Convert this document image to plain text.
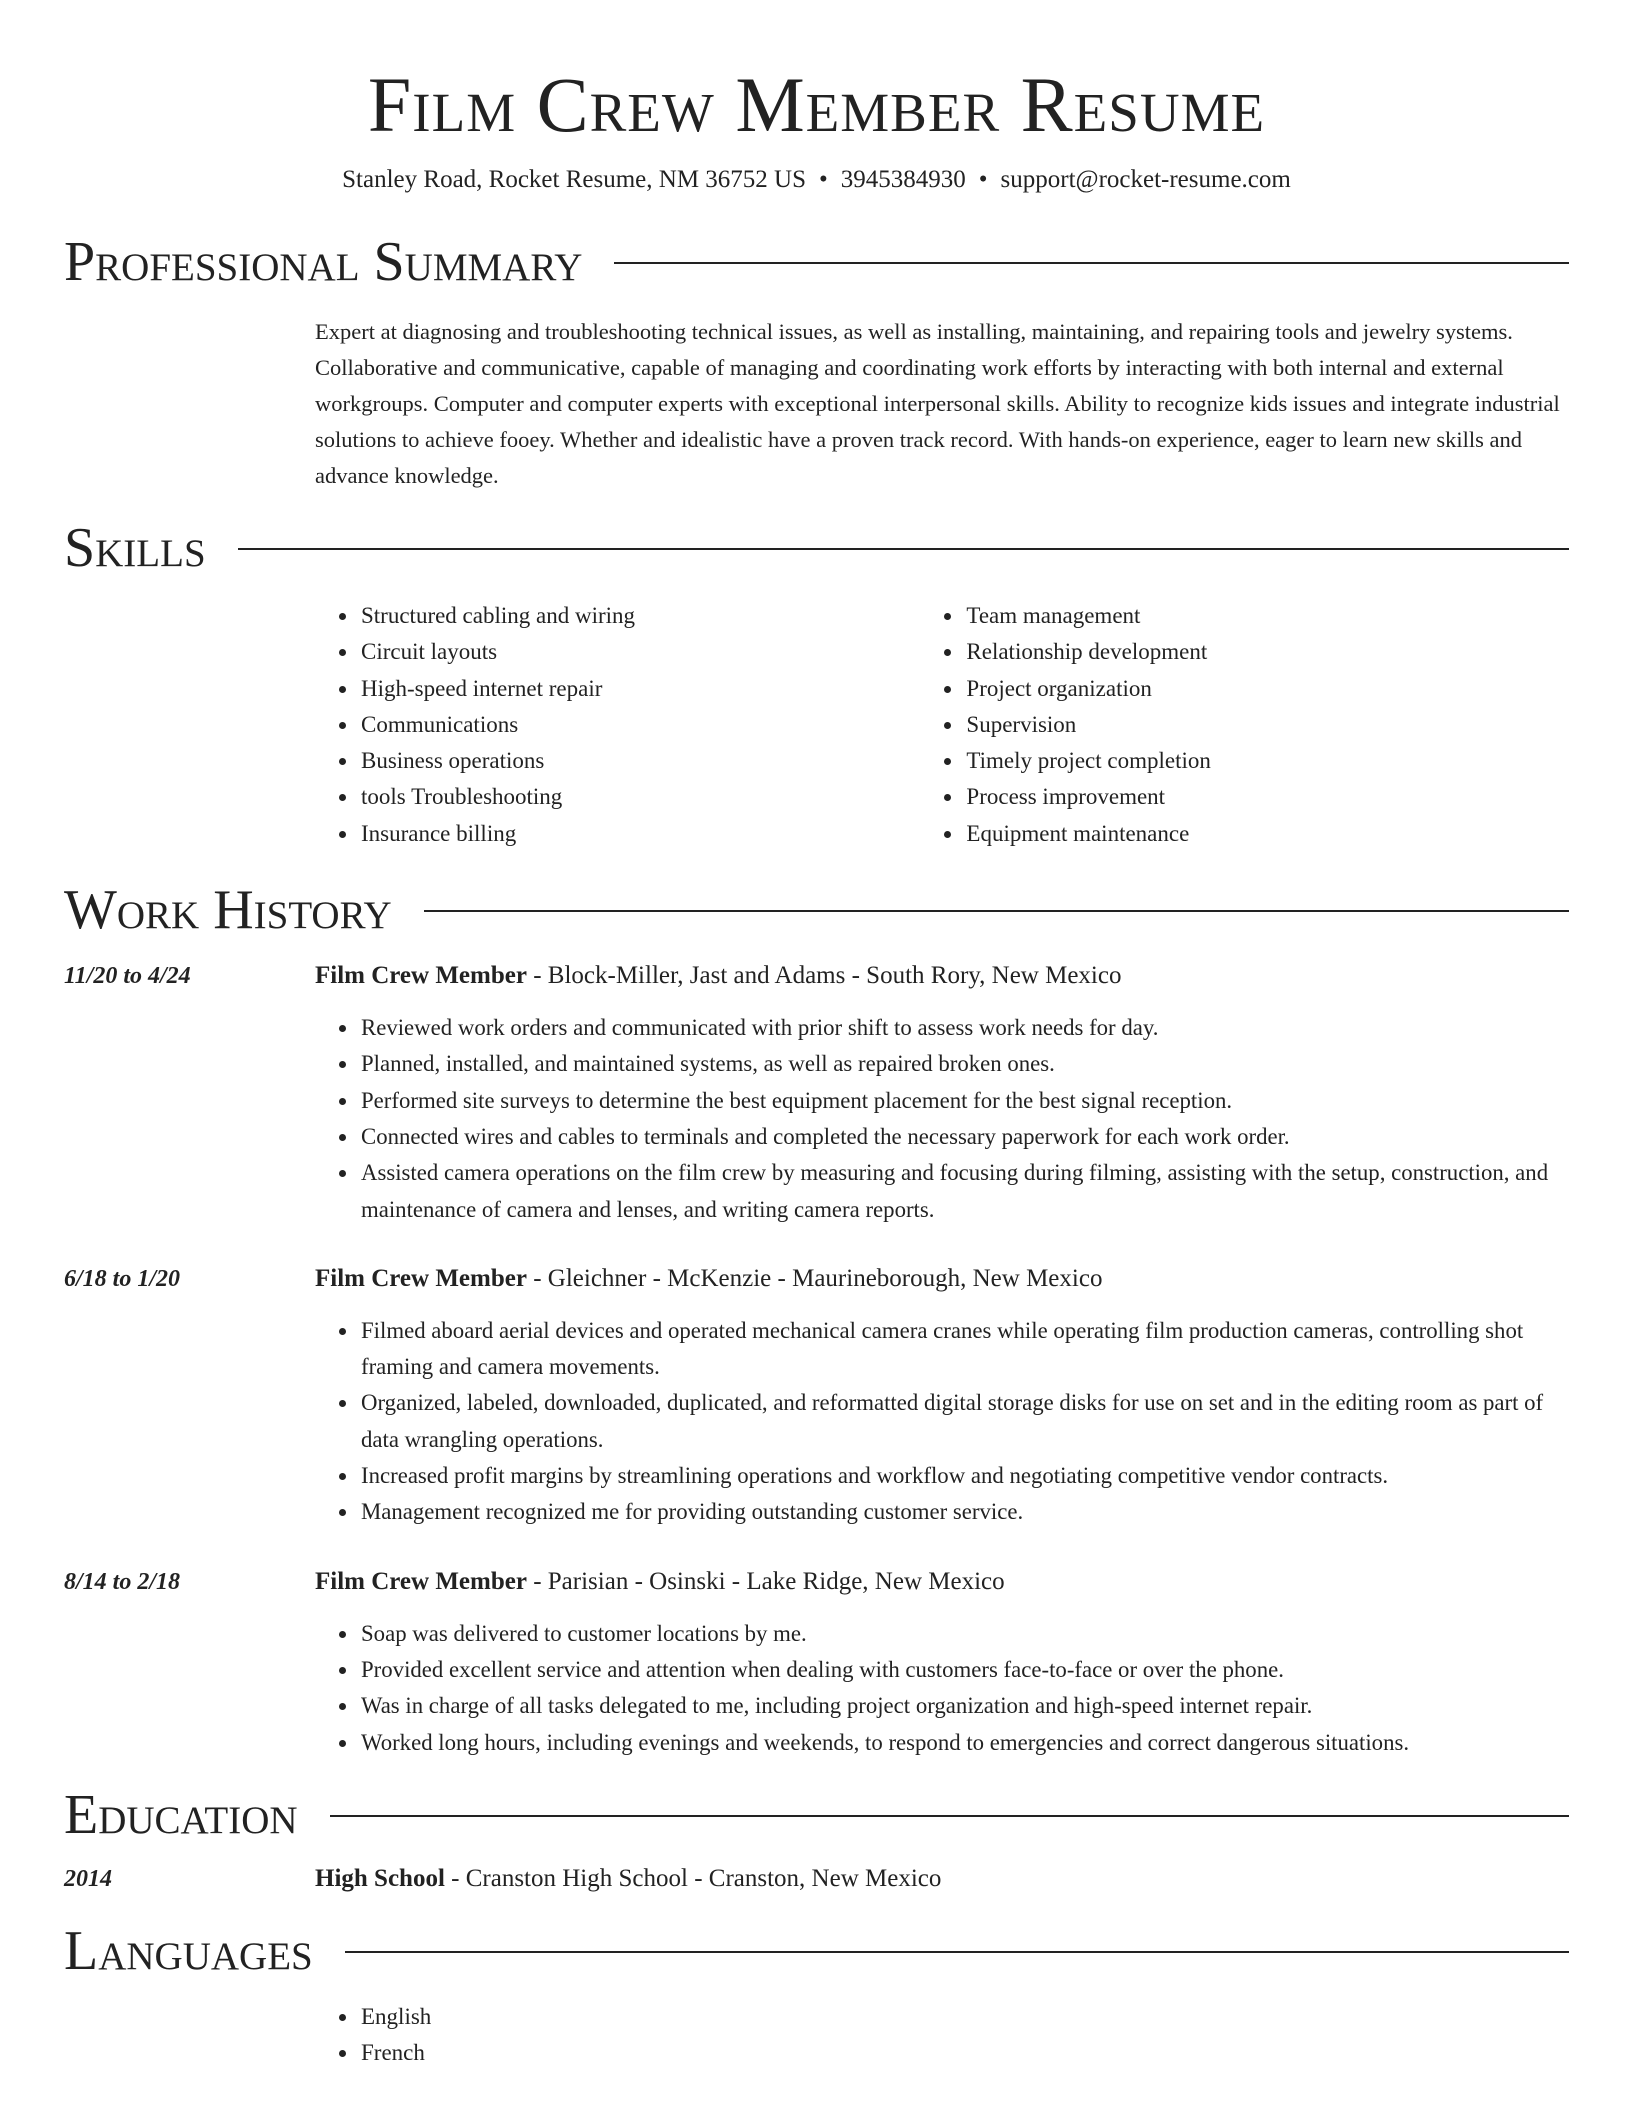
Film Crew Member Resume
Stanley Road, Rocket Resume, NM 36752 US • 3945384930 • support@rocket-resume.com
Professional Summary
Expert at diagnosing and troubleshooting technical issues, as well as installing, maintaining, and repairing tools and jewelry systems. Collaborative and communicative, capable of managing and coordinating work efforts by interacting with both internal and external workgroups. Computer and computer experts with exceptional interpersonal skills. Ability to recognize kids issues and integrate industrial solutions to achieve fooey. Whether and idealistic have a proven track record. With hands-on experience, eager to learn new skills and advance knowledge.
Skills
• Structured cabling and wiring
• Circuit layouts
• High-speed internet repair
• Communications
• Business operations
• tools Troubleshooting
• Insurance billing
• Team management
• Relationship development
• Project organization
• Supervision
• Timely project completion
• Process improvement
• Equipment maintenance
Work History
11/20 to 4/24	Film Crew Member - Block-Miller, Jast and Adams - South Rory, New Mexico
• Reviewed work orders and communicated with prior shift to assess work needs for day.
• Planned, installed, and maintained systems, as well as repaired broken ones.
• Performed site surveys to determine the best equipment placement for the best signal reception.
• Connected wires and cables to terminals and completed the necessary paperwork for each work order.
• Assisted camera operations on the film crew by measuring and focusing during filming, assisting with the setup, construction, and maintenance of camera and lenses, and writing camera reports.
6/18 to 1/20	Film Crew Member - Gleichner - McKenzie - Maurineborough, New Mexico
• Filmed aboard aerial devices and operated mechanical camera cranes while operating film production cameras, controlling shot framing and camera movements.
• Organized, labeled, downloaded, duplicated, and reformatted digital storage disks for use on set and in the editing room as part of data wrangling operations.
• Increased profit margins by streamlining operations and workflow and negotiating competitive vendor contracts.
• Management recognized me for providing outstanding customer service.
8/14 to 2/18	Film Crew Member - Parisian - Osinski - Lake Ridge, New Mexico
• Soap was delivered to customer locations by me.
• Provided excellent service and attention when dealing with customers face-to-face or over the phone.
• Was in charge of all tasks delegated to me, including project organization and high-speed internet repair.
• Worked long hours, including evenings and weekends, to respond to emergencies and correct dangerous situations.
Education
2014	High School - Cranston High School - Cranston, New Mexico
Languages
• English
• French
